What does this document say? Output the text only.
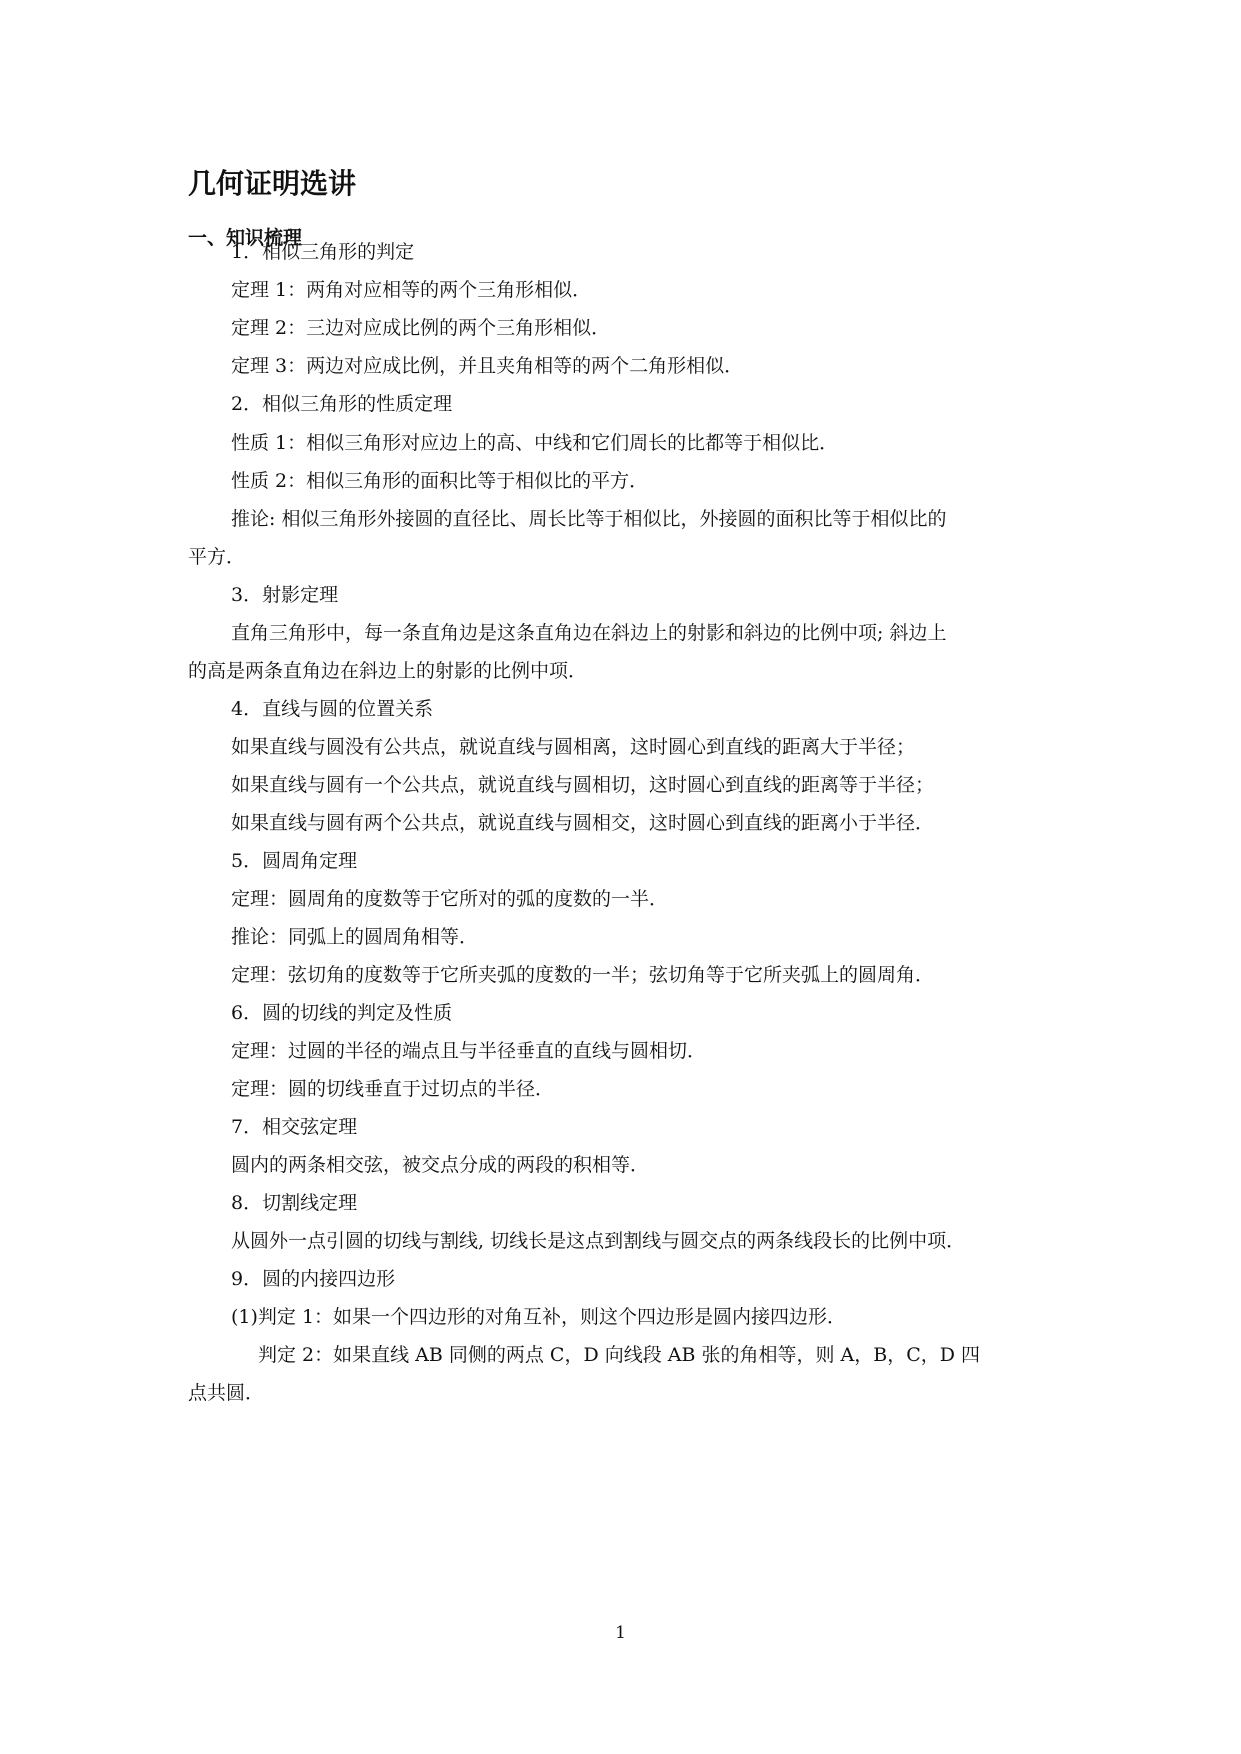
几何证明选讲
一、知识梳理

1．相似三角形的判定

定理 1：两角对应相等的两个三角形相似．

定理 2：三边对应成比例的两个三角形相似．

定理 3：两边对应成比例，并且夹角相等的两个二角形相似．

2．相似三角形的性质定理

性质 1：相似三角形对应边上的高、中线和它们周长的比都等于相似比．

性质 2：相似三角形的面积比等于相似比的平方．

推论: 相似三角形外接圆的直径比、周长比等于相似比，外接圆的面积比等于相似比的

平方．

3．射影定理

直角三角形中，每一条直角边是这条直角边在斜边上的射影和斜边的比例中项; 斜边上

的高是两条直角边在斜边上的射影的比例中项．

4．直线与圆的位置关系

如果直线与圆没有公共点，就说直线与圆相离，这时圆心到直线的距离大于半径；

如果直线与圆有一个公共点，就说直线与圆相切，这时圆心到直线的距离等于半径；

如果直线与圆有两个公共点，就说直线与圆相交，这时圆心到直线的距离小于半径．

5．圆周角定理

定理：圆周角的度数等于它所对的弧的度数的一半．

推论：同弧上的圆周角相等．

定理：弦切角的度数等于它所夹弧的度数的一半；弦切角等于它所夹弧上的圆周角．

6．圆的切线的判定及性质

定理：过圆的半径的端点且与半径垂直的直线与圆相切．

定理：圆的切线垂直于过切点的半径．

7．相交弦定理

圆内的两条相交弦，被交点分成的两段的积相等．

8．切割线定理

从圆外一点引圆的切线与割线, 切线长是这点到割线与圆交点的两条线段长的比例中项．

9．圆的内接四边形

(1)判定 1：如果一个四边形的对角互补，则这个四边形是圆内接四边形．

判定 2：如果直线 AB 同侧的两点 C，D 向线段 AB 张的角相等，则 A，B，C，D 四

点共圆．

1
